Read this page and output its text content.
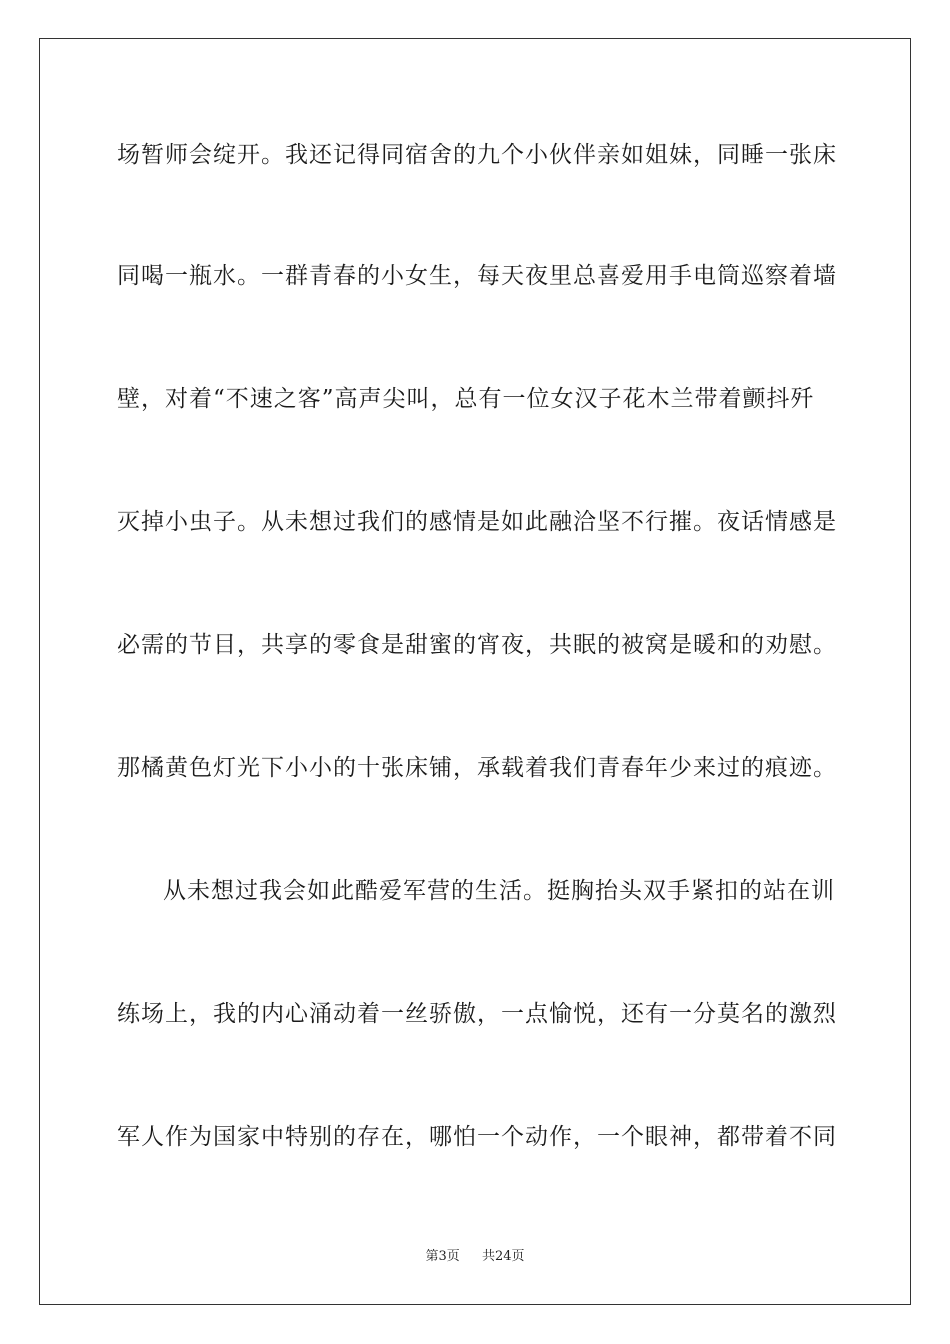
场暂师会绽开。我还记得同宿舍的九个小伙伴亲如姐妹，同睡一张床
同喝一瓶水。一群青春的小女生，每天夜里总喜爱用手电筒巡察着墙
壁，对着“不速之客”高声尖叫，总有一位女汉子花木兰带着颤抖歼
灭掉小虫子。从未想过我们的感情是如此融洽坚不行摧。夜话情感是
必需的节目，共享的零食是甜蜜的宵夜，共眠的被窝是暖和的劝慰。
那橘黄色灯光下小小的十张床铺，承载着我们青春年少来过的痕迹。
从未想过我会如此酷爱军营的生活。挺胸抬头双手紧扣的站在训
练场上，我的内心涌动着一丝骄傲，一点愉悦，还有一分莫名的激烈
军人作为国家中特别的存在，哪怕一个动作，一个眼神，都带着不同
第3页 共24页
